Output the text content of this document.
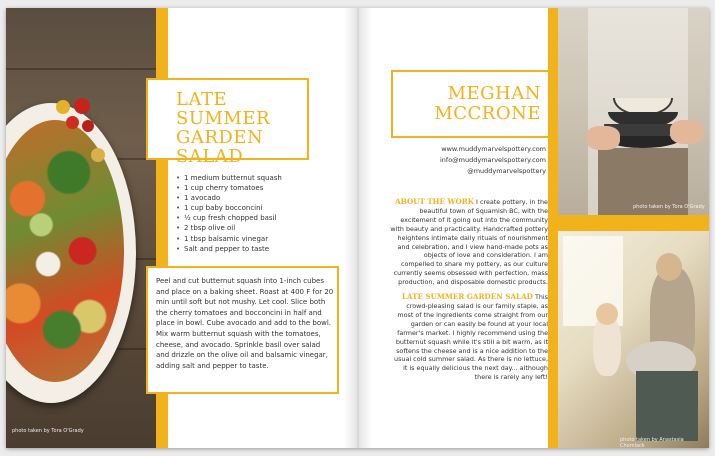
photo taken by Tora O'Grady
LATE SUMMER
GARDEN
SALAD
• 1 medium butternut squash
• 1 cup cherry tomatoes
• 1 avocado
• 1 cup baby bocconcini
• ½ cup fresh chopped basil
• 2 tbsp olive oil
• 1 tbsp balsamic vinegar
• Salt and pepper to taste

Peel and cut butternut squash into 1-inch cubes and place on a baking sheet. Roast at 400 F for 20 min until soft but not mushy. Let cool. Slice both the cherry tomatoes and bocconcini in half and place in bowl. Cube avocado and add to the bowl. Mix warm butternut squash with the tomatoes, cheese, and avocado. Sprinkle basil over salad and drizzle on the olive oil and balsamic vinegar, adding salt and pepper to taste.

MEGHAN
MCCRONE
www.muddymarvelspottery.com
info@muddymarvelspottery.com
@muddymarvelspottery

ABOUT THE WORK I create pottery, in the beautiful town of Squamish BC, with the excitement of it going out into the community with beauty and practicality. Handcrafted pottery heightens intimate daily rituals of nourishment and celebration, and I view hand-made pots as objects of love and consideration. I am compelled to share my pottery, as our culture currently seems obsessed with perfection, mass production, and disposable domestic products.

LATE SUMMER GARDEN SALAD This crowd-pleasing salad is our family staple, as most of the ingredients come straight from our garden or can easily be found at your local farmer's market. I highly recommend using the butternut squash while it's still a bit warm, as it softens the cheese and is a nice addition to the usual cold summer salad. As there is no lettuce, it is equally delicious the next day... although there is rarely any left!

photo taken by Tora O'Grady
photo taken by Anastasia Chomlack
